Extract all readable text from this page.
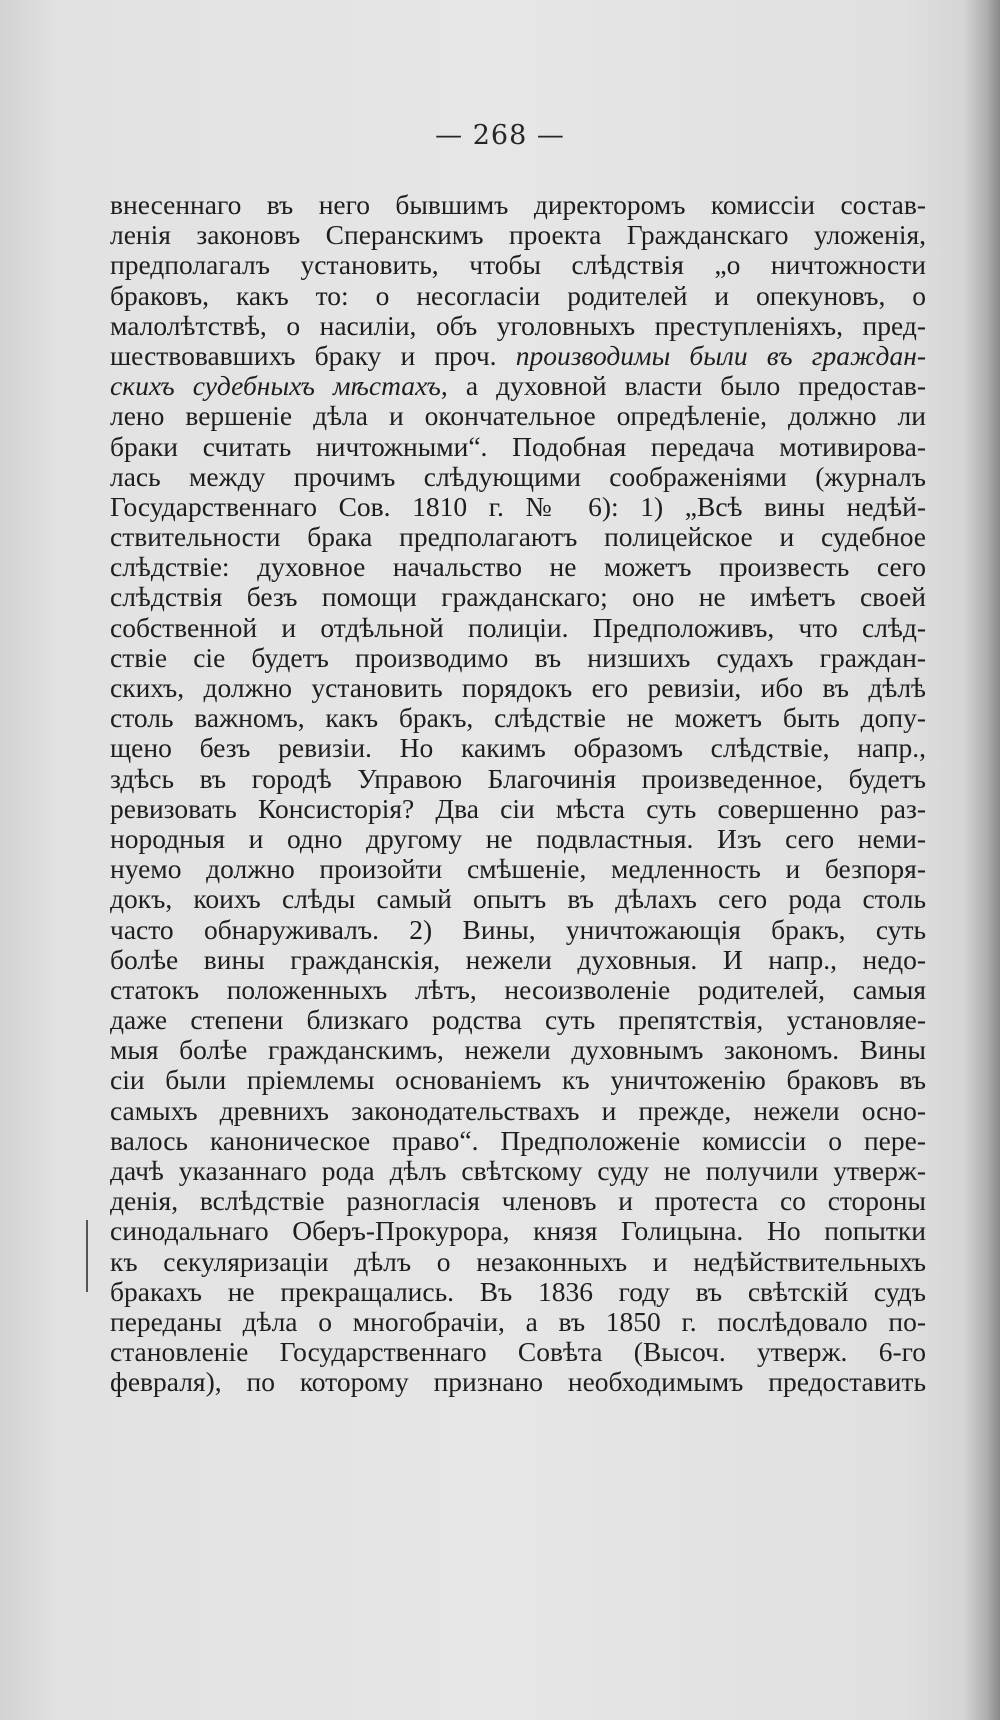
— 268 —
внесеннаго въ него бывшимъ директоромъ комиссіи состав-
ленія законовъ Сперанскимъ проекта Гражданскаго уложенія,
предполагалъ установить, чтобы слѣдствія „о ничтожности
браковъ, какъ то: о несогласіи родителей и опекуновъ, о
малолѣтствѣ, о насиліи, объ уголовныхъ преступленіяхъ, пред-
шествовавшихъ браку и проч. производимы были въ граждан-
скихъ судебныхъ мѣстахъ, а духовной власти было предостав-
лено вершеніе дѣла и окончательное опредѣленіе, должно ли
браки считать ничтожными“. Подобная передача мотивирова-
лась между прочимъ слѣдующими соображеніями (журналъ
Государственнаго Сов. 1810 г. № 6): 1) „Всѣ вины недѣй-
ствительности брака предполагаютъ полицейское и судебное
слѣдствіе: духовное начальство не можетъ произвесть сего
слѣдствія безъ помощи гражданскаго; оно не имѣетъ своей
собственной и отдѣльной полиціи. Предположивъ, что слѣд-
ствіе сіе будетъ производимо въ низшихъ судахъ граждан-
скихъ, должно установить порядокъ его ревизіи, ибо въ дѣлѣ
столь важномъ, какъ бракъ, слѣдствіе не можетъ быть допу-
щено безъ ревизіи. Но какимъ образомъ слѣдствіе, напр.,
здѣсь въ городѣ Управою Благочинія произведенное, будетъ
ревизовать Консисторія? Два сіи мѣста суть совершенно раз-
нородныя и одно другому не подвластныя. Изъ сего неми-
нуемо должно произойти смѣшеніе, медленность и безпоря-
докъ, коихъ слѣды самый опытъ въ дѣлахъ сего рода столь
часто обнаруживалъ. 2) Вины, уничтожающія бракъ, суть
болѣе вины гражданскія, нежели духовныя. И напр., недо-
статокъ положенныхъ лѣтъ, несоизволеніе родителей, самыя
даже степени близкаго родства суть препятствія, установляе-
мыя болѣе гражданскимъ, нежели духовнымъ закономъ. Вины
сіи были пріемлемы основаніемъ къ уничтоженію браковъ въ
самыхъ древнихъ законодательствахъ и прежде, нежели осно-
валось каноническое право“. Предположеніе комиссіи о пере-
дачѣ указаннаго рода дѣлъ свѣтскому суду не получили утверж-
денія, вслѣдствіе разногласія членовъ и протеста со стороны
синодальнаго Оберъ-Прокурора, князя Голицына. Но попытки
къ секуляризаціи дѣлъ о незаконныхъ и недѣйствительныхъ
бракахъ не прекращались. Въ 1836 году въ свѣтскій судъ
переданы дѣла о многобрачіи, а въ 1850 г. послѣдовало по-
становленіе Государственнаго Совѣта (Высоч. утверж. 6-го
февраля), по которому признано необходимымъ предоставить
